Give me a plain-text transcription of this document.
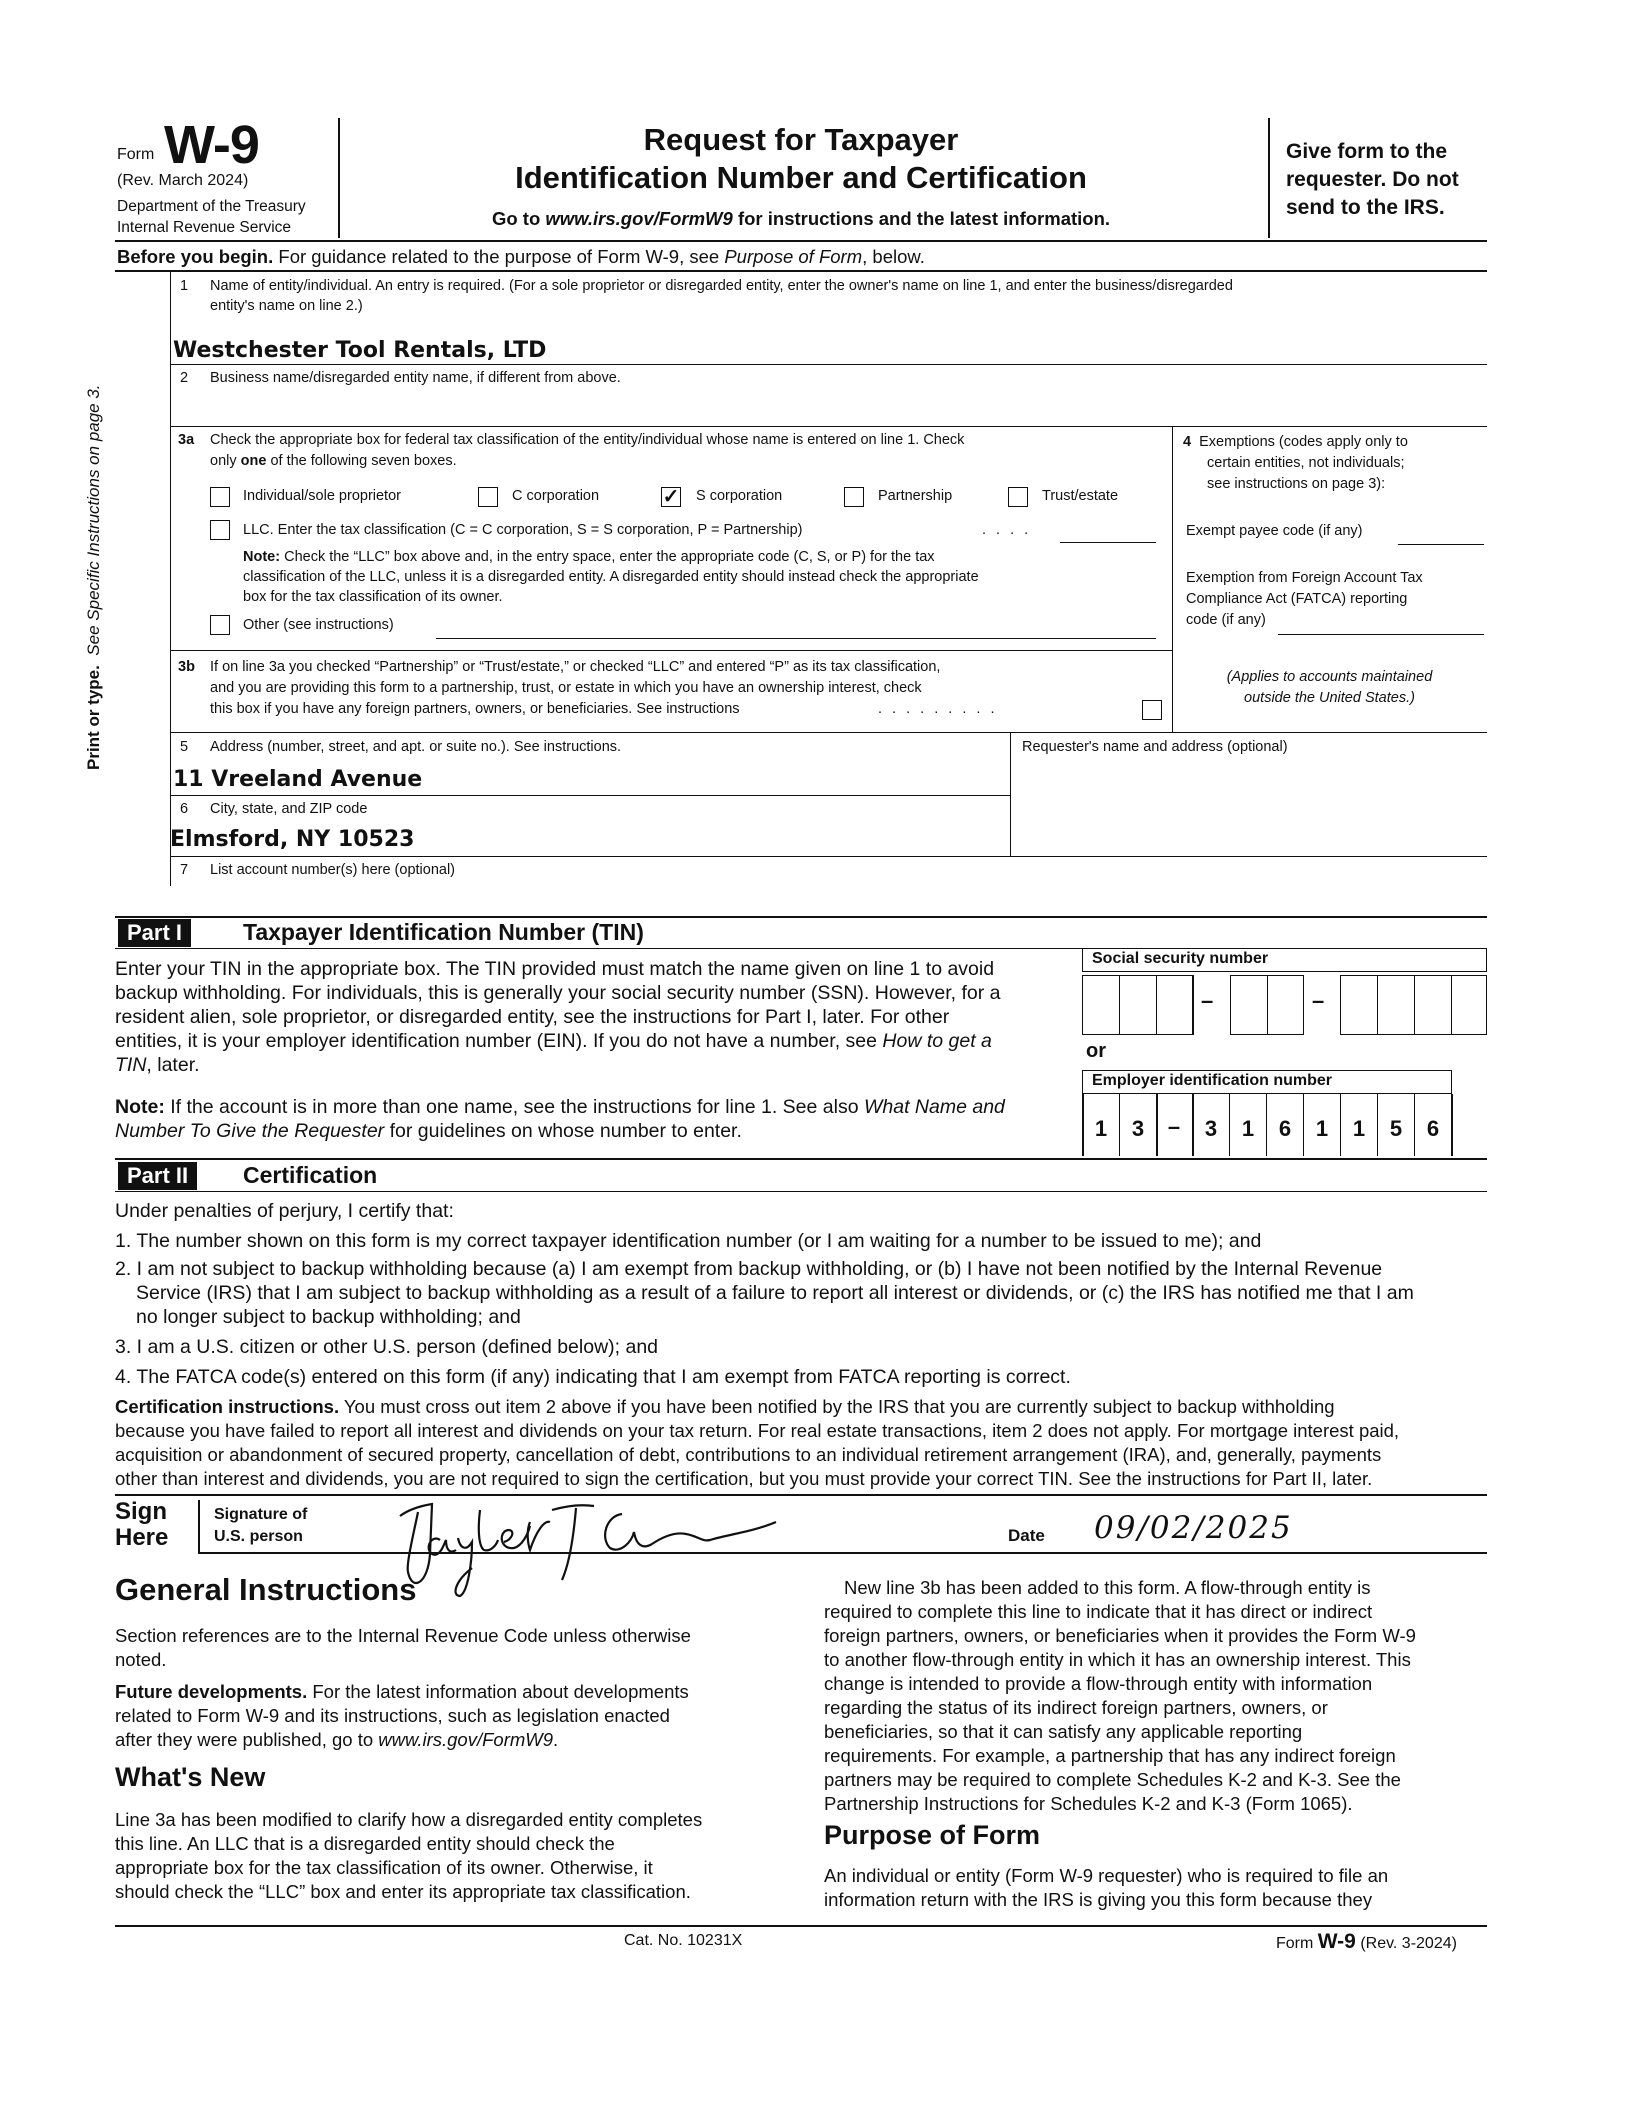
Form W-9
(Rev. March 2024)
Department of the Treasury
Internal Revenue Service
Request for Taxpayer
Identification Number and Certification
Go to www.irs.gov/FormW9 for instructions and the latest information.
Give form to the
requester. Do not
send to the IRS.
Before you begin. For guidance related to the purpose of Form W-9, see Purpose of Form, below.
Print or type.  See Specific Instructions on page 3.
1 Name of entity/individual. An entry is required. (For a sole proprietor or disregarded entity, enter the owner's name on line 1, and enter the business/disregarded
entity's name on line 2.)
Westchester Tool Rentals, LTD
2 Business name/disregarded entity name, if different from above.
3a Check the appropriate box for federal tax classification of the entity/individual whose name is entered on line 1. Check
only one of the following seven boxes.
Individual/sole proprietor	C corporation	✓ S corporation	Partnership	Trust/estate
LLC. Enter the tax classification (C = C corporation, S = S corporation, P = Partnership)	. . . .
Note: Check the “LLC” box above and, in the entry space, enter the appropriate code (C, S, or P) for the tax
classification of the LLC, unless it is a disregarded entity. A disregarded entity should instead check the appropriate
box for the tax classification of its owner.
Other (see instructions)
4 Exemptions (codes apply only to
certain entities, not individuals;
see instructions on page 3):
Exempt payee code (if any)
Exemption from Foreign Account Tax
Compliance Act (FATCA) reporting
code (if any)
(Applies to accounts maintained
outside the United States.)
3b If on line 3a you checked “Partnership” or “Trust/estate,” or checked “LLC” and entered “P” as its tax classification,
and you are providing this form to a partnership, trust, or estate in which you have an ownership interest, check
this box if you have any foreign partners, owners, or beneficiaries. See instructions	. . . . . . . . .
5 Address (number, street, and apt. or suite no.). See instructions.
11 Vreeland Avenue
Requester's name and address (optional)
6 City, state, and ZIP code
Elmsford, NY 10523
7 List account number(s) here (optional)
Part I	Taxpayer Identification Number (TIN)
Enter your TIN in the appropriate box. The TIN provided must match the name given on line 1 to avoid
backup withholding. For individuals, this is generally your social security number (SSN). However, for a
resident alien, sole proprietor, or disregarded entity, see the instructions for Part I, later. For other
entities, it is your employer identification number (EIN). If you do not have a number, see How to get a
TIN, later.
Note: If the account is in more than one name, see the instructions for line 1. See also What Name and
Number To Give the Requester for guidelines on whose number to enter.
Social security number
–	–
or
Employer identification number
1	3	–	3	1	6	1	1	5	6
Part II	Certification
Under penalties of perjury, I certify that:
1. The number shown on this form is my correct taxpayer identification number (or I am waiting for a number to be issued to me); and
2. I am not subject to backup withholding because (a) I am exempt from backup withholding, or (b) I have not been notified by the Internal Revenue
Service (IRS) that I am subject to backup withholding as a result of a failure to report all interest or dividends, or (c) the IRS has notified me that I am
no longer subject to backup withholding; and
3. I am a U.S. citizen or other U.S. person (defined below); and
4. The FATCA code(s) entered on this form (if any) indicating that I am exempt from FATCA reporting is correct.
Certification instructions. You must cross out item 2 above if you have been notified by the IRS that you are currently subject to backup withholding
because you have failed to report all interest and dividends on your tax return. For real estate transactions, item 2 does not apply. For mortgage interest paid,
acquisition or abandonment of secured property, cancellation of debt, contributions to an individual retirement arrangement (IRA), and, generally, payments
other than interest and dividends, you are not required to sign the certification, but you must provide your correct TIN. See the instructions for Part II, later.
Sign
Here
Signature of
U.S. person	Date 09/02/2025
General Instructions
Section references are to the Internal Revenue Code unless otherwise
noted.
Future developments. For the latest information about developments
related to Form W-9 and its instructions, such as legislation enacted
after they were published, go to www.irs.gov/FormW9.
What's New
Line 3a has been modified to clarify how a disregarded entity completes
this line. An LLC that is a disregarded entity should check the
appropriate box for the tax classification of its owner. Otherwise, it
should check the “LLC” box and enter its appropriate tax classification.
New line 3b has been added to this form. A flow-through entity is
required to complete this line to indicate that it has direct or indirect
foreign partners, owners, or beneficiaries when it provides the Form W-9
to another flow-through entity in which it has an ownership interest. This
change is intended to provide a flow-through entity with information
regarding the status of its indirect foreign partners, owners, or
beneficiaries, so that it can satisfy any applicable reporting
requirements. For example, a partnership that has any indirect foreign
partners may be required to complete Schedules K-2 and K-3. See the
Partnership Instructions for Schedules K-2 and K-3 (Form 1065).
Purpose of Form
An individual or entity (Form W-9 requester) who is required to file an
information return with the IRS is giving you this form because they
Cat. No. 10231X	Form W-9 (Rev. 3-2024)
